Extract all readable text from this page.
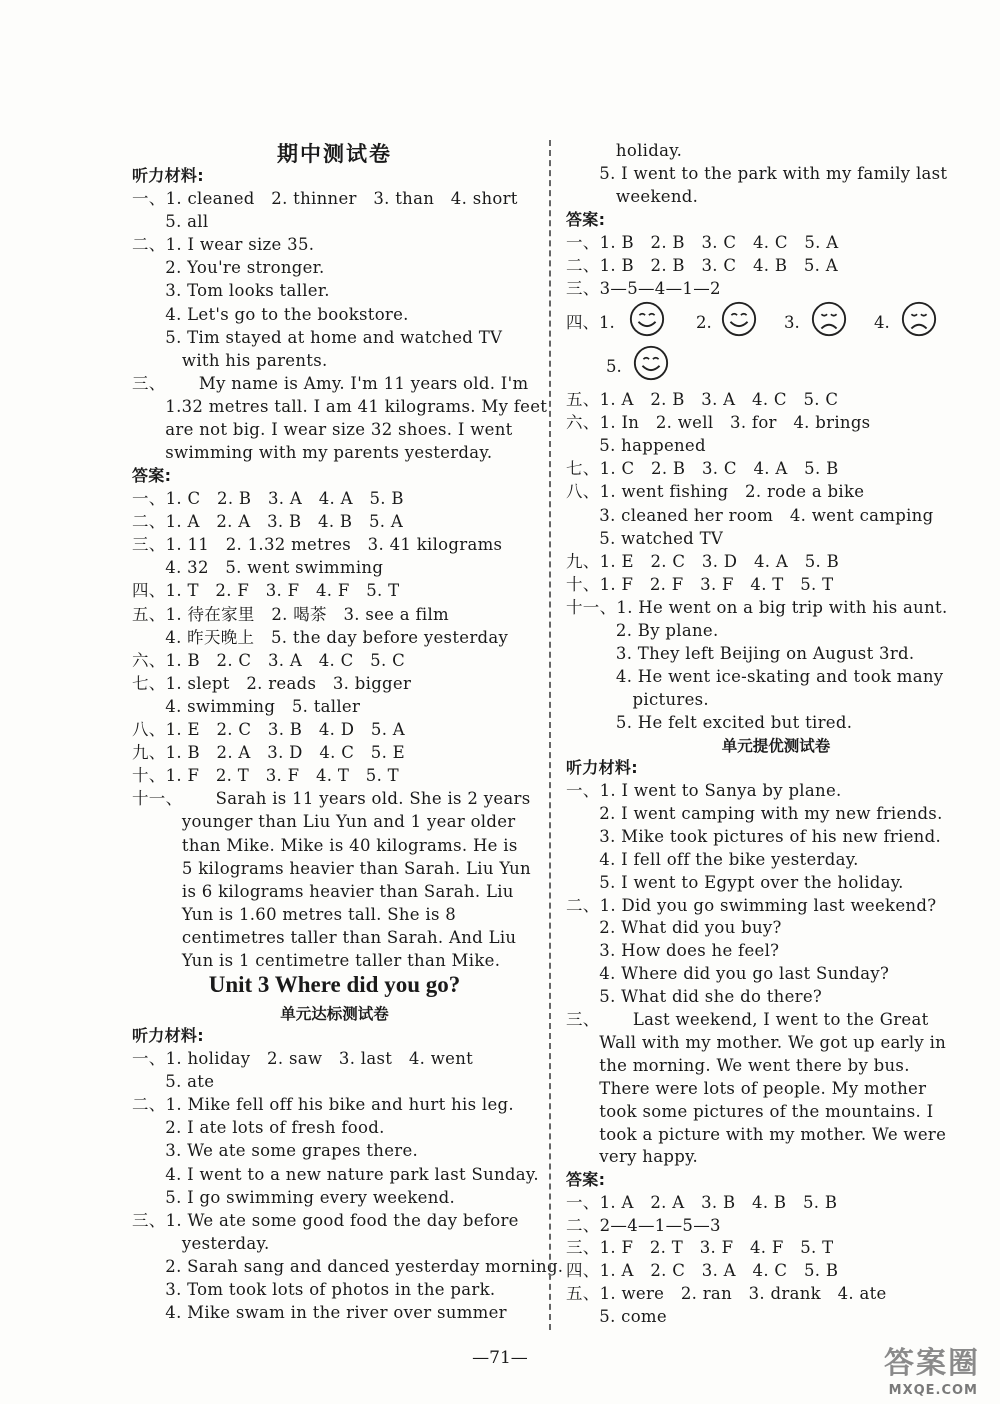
期中测试卷
听力材料:
一、1. cleaned   2. thinner   3. than   4. short
5. all
二、1. I wear size 35.
2. You're stronger.
3. Tom looks taller.
4. Let's go to the bookstore.
5. Tim stayed at home and watched TV
with his parents.
三、      My name is Amy. I'm 11 years old. I'm
1.32 metres tall. I am 41 kilograms. My feet
are not big. I wear size 32 shoes. I went
swimming with my parents yesterday.
答案:
一、1. C   2. B   3. A   4. A   5. B
二、1. A   2. A   3. B   4. B   5. A
三、1. 11   2. 1.32 metres   3. 41 kilograms
4. 32   5. went swimming
四、1. T   2. F   3. F   4. F   5. T
五、1. 待在家里   2. 喝茶   3. see a film
4. 昨天晚上   5. the day before yesterday
六、1. B   2. C   3. A   4. C   5. C
七、1. slept   2. reads   3. bigger
4. swimming   5. taller
八、1. E   2. C   3. B   4. D   5. A
九、1. B   2. A   3. D   4. C   5. E
十、1. F   2. T   3. F   4. T   5. T
十一、      Sarah is 11 years old. She is 2 years
younger than Liu Yun and 1 year older
than Mike. Mike is 40 kilograms. He is
5 kilograms heavier than Sarah. Liu Yun
is 6 kilograms heavier than Sarah. Liu
Yun is 1.60 metres tall. She is 8
centimetres taller than Sarah. And Liu
Yun is 1 centimetre taller than Mike.
Unit 3 Where did you go?
单元达标测试卷
听力材料:
一、1. holiday   2. saw   3. last   4. went
5. ate
二、1. Mike fell off his bike and hurt his leg.
2. I ate lots of fresh food.
3. We ate some grapes there.
4. I went to a new nature park last Sunday.
5. I go swimming every weekend.
三、1. We ate some good food the day before
yesterday.
2. Sarah sang and danced yesterday morning.
3. Tom took lots of photos in the park.
4. Mike swam in the river over summer
holiday.
5. I went to the park with my family last
weekend.
答案:
一、1. B   2. B   3. C   4. C   5. A
二、1. B   2. B   3. C   4. B   5. A
三、3—5—4—1—2
四、1.	2.	3.	4.
5.
五、1. A   2. B   3. A   4. C   5. C
六、1. In   2. well   3. for   4. brings
5. happened
七、1. C   2. B   3. C   4. A   5. B
八、1. went fishing   2. rode a bike
3. cleaned her room   4. went camping
5. watched TV
九、1. E   2. C   3. D   4. A   5. B
十、1. F   2. F   3. F   4. T   5. T
十一、1. He went on a big trip with his aunt.
2. By plane.
3. They left Beijing on August 3rd.
4. He went ice-skating and took many
pictures.
5. He felt excited but tired.
单元提优测试卷
听力材料:
一、1. I went to Sanya by plane.
2. I went camping with my new friends.
3. Mike took pictures of his new friend.
4. I fell off the bike yesterday.
5. I went to Egypt over the holiday.
二、1. Did you go swimming last weekend?
2. What did you buy?
3. How does he feel?
4. Where did you go last Sunday?
5. What did she do there?
三、      Last weekend, I went to the Great
Wall with my mother. We got up early in
the morning. We went there by bus.
There were lots of people. My mother
took some pictures of the mountains. I
took a picture with my mother. We were
very happy.
答案:
一、1. A   2. A   3. B   4. B   5. B
二、2—4—1—5—3
三、1. F   2. T   3. F   4. F   5. T
四、1. A   2. C   3. A   4. C   5. B
五、1. were   2. ran   3. drank   4. ate
5. come
—71—	答案圈
MXQE.COM
